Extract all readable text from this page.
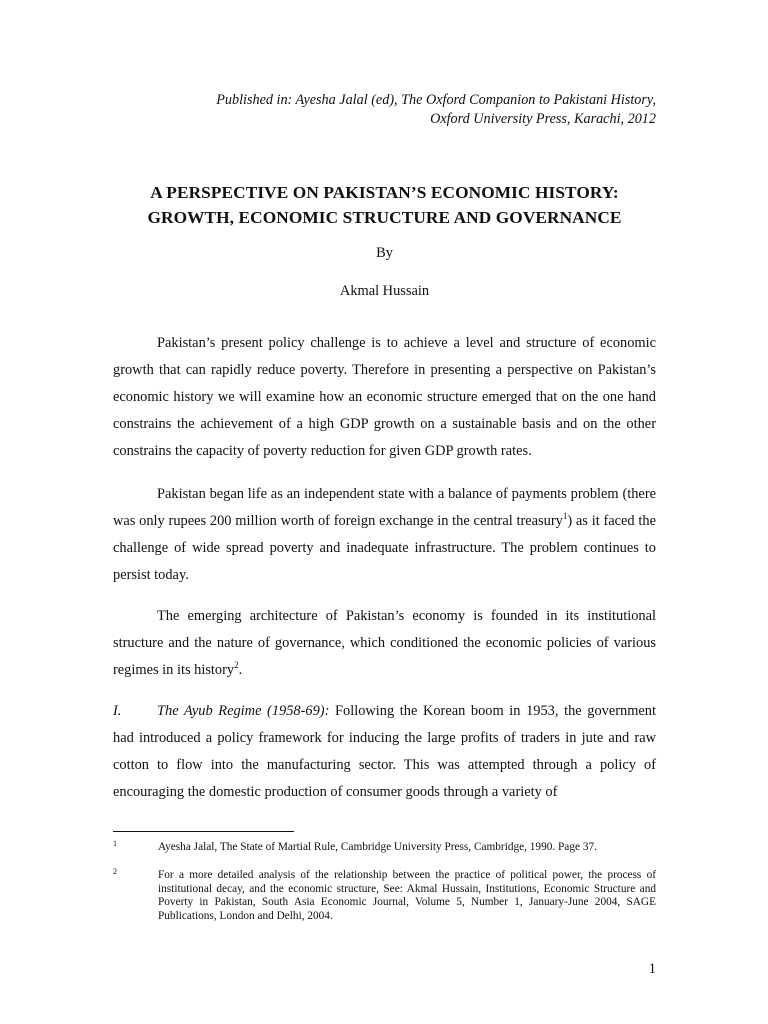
Published in: Ayesha Jalal (ed), The Oxford Companion to Pakistani History,
Oxford University Press, Karachi, 2012
A PERSPECTIVE ON PAKISTAN’S ECONOMIC HISTORY:
GROWTH, ECONOMIC STRUCTURE AND GOVERNANCE
By
Akmal Hussain

Pakistan’s present policy challenge is to achieve a level and structure of economic growth that can rapidly reduce poverty. Therefore in presenting a perspective on Pakistan’s economic history we will examine how an economic structure emerged that on the one hand constrains the achievement of a high GDP growth on a sustainable basis and on the other constrains the capacity of poverty reduction for given GDP growth rates.

Pakistan began life as an independent state with a balance of payments problem (there was only rupees 200 million worth of foreign exchange in the central treasury$^1$) as it faced the challenge of wide spread poverty and inadequate infrastructure. The problem continues to persist today.

The emerging architecture of Pakistan’s economy is founded in its institutional structure and the nature of governance, which conditioned the economic policies of various regimes in its history$^2$.

I. The Ayub Regime (1958-69): Following the Korean boom in 1953, the government had introduced a policy framework for inducing the large profits of traders in jute and raw cotton to flow into the manufacturing sector. This was attempted through a policy of encouraging the domestic production of consumer goods through a variety of

1	Ayesha Jalal, The State of Martial Rule, Cambridge University Press, Cambridge, 1990. Page 37.
2	For a more detailed analysis of the relationship between the practice of political power, the process of institutional decay, and the economic structure, See: Akmal Hussain, Institutions, Economic Structure and Poverty in Pakistan, South Asia Economic Journal, Volume 5, Number 1, January-June 2004, SAGE Publications, London and Delhi, 2004.
1
